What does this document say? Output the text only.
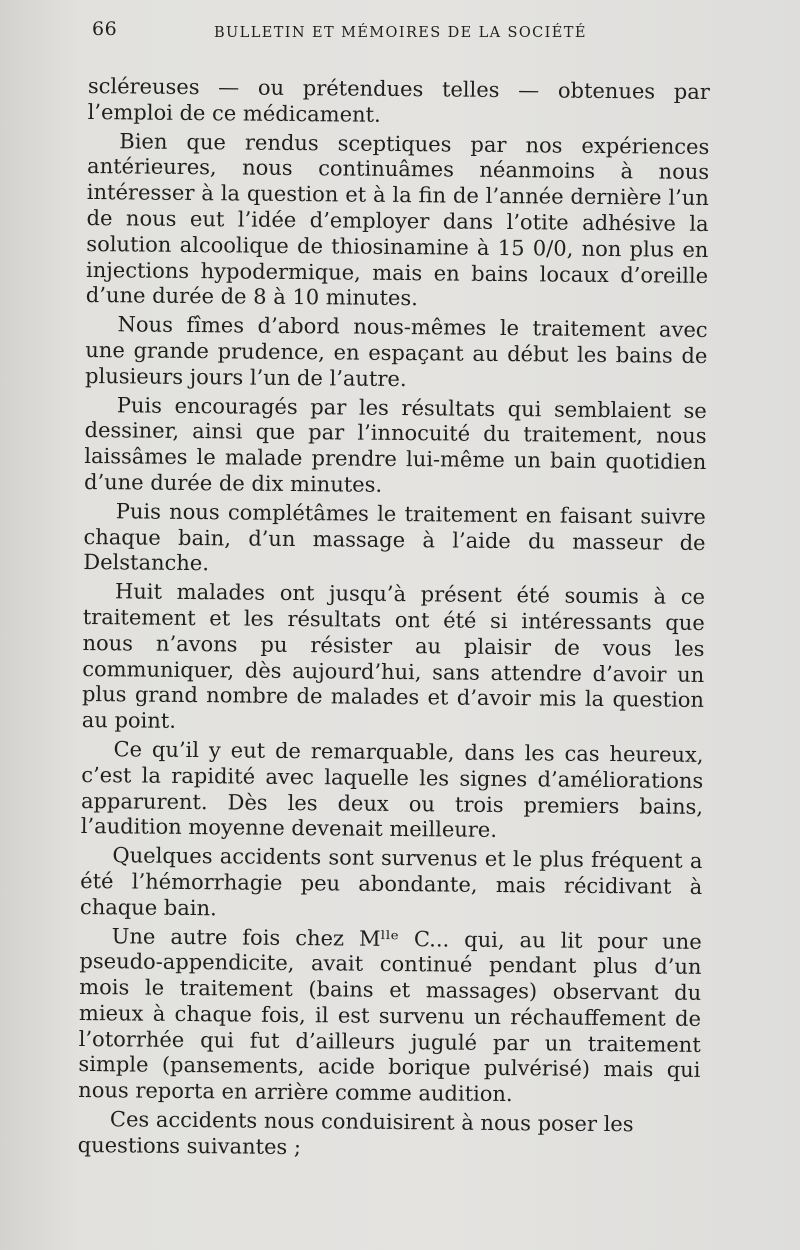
66	BULLETIN ET MÉMOIRES DE LA SOCIÉTÉ

scléreuses — ou prétendues telles — obtenues par l’emploi de ce médicament.

Bien que rendus sceptiques par nos expériences antérieures, nous continuâmes néanmoins à nous intéresser à la question et à la fin de l’année dernière l’un de nous eut l’idée d’employer dans l’otite adhésive la solution alcoolique de thiosinamine à 15 0/0, non plus en injections hypodermique, mais en bains locaux d’oreille d’une durée de 8 à 10 minutes.

Nous fîmes d’abord nous-mêmes le traitement avec une grande prudence, en espaçant au début les bains de plusieurs jours l’un de l’autre.

Puis encouragés par les résultats qui semblaient se dessiner, ainsi que par l’innocuité du traitement, nous laissâmes le malade prendre lui-même un bain quotidien d’une durée de dix minutes.

Puis nous complétâmes le traitement en faisant suivre chaque bain, d’un massage à l’aide du masseur de Delstanche.

Huit malades ont jusqu’à présent été soumis à ce traitement et les résultats ont été si intéressants que nous n’avons pu résister au plaisir de vous les communiquer, dès aujourd’hui, sans attendre d’avoir un plus grand nombre de malades et d’avoir mis la question au point.

Ce qu’il y eut de remarquable, dans les cas heureux, c’est la rapidité avec laquelle les signes d’améliorations apparurent. Dès les deux ou trois premiers bains, l’audition moyenne devenait meilleure.

Quelques accidents sont survenus et le plus fréquent a été l’hémorrhagie peu abondante, mais récidivant à chaque bain.

Une autre fois chez Mˡˡᵉ C... qui, au lit pour une pseudo-appendicite, avait continué pendant plus d’un mois le traitement (bains et massages) observant du mieux à chaque fois, il est survenu un réchauffement de l’otorrhée qui fut d’ailleurs jugulé par un traitement simple (pansements, acide borique pulvérisé) mais qui nous reporta en arrière comme audition.

Ces accidents nous conduisirent à nous poser les questions suivantes ;
